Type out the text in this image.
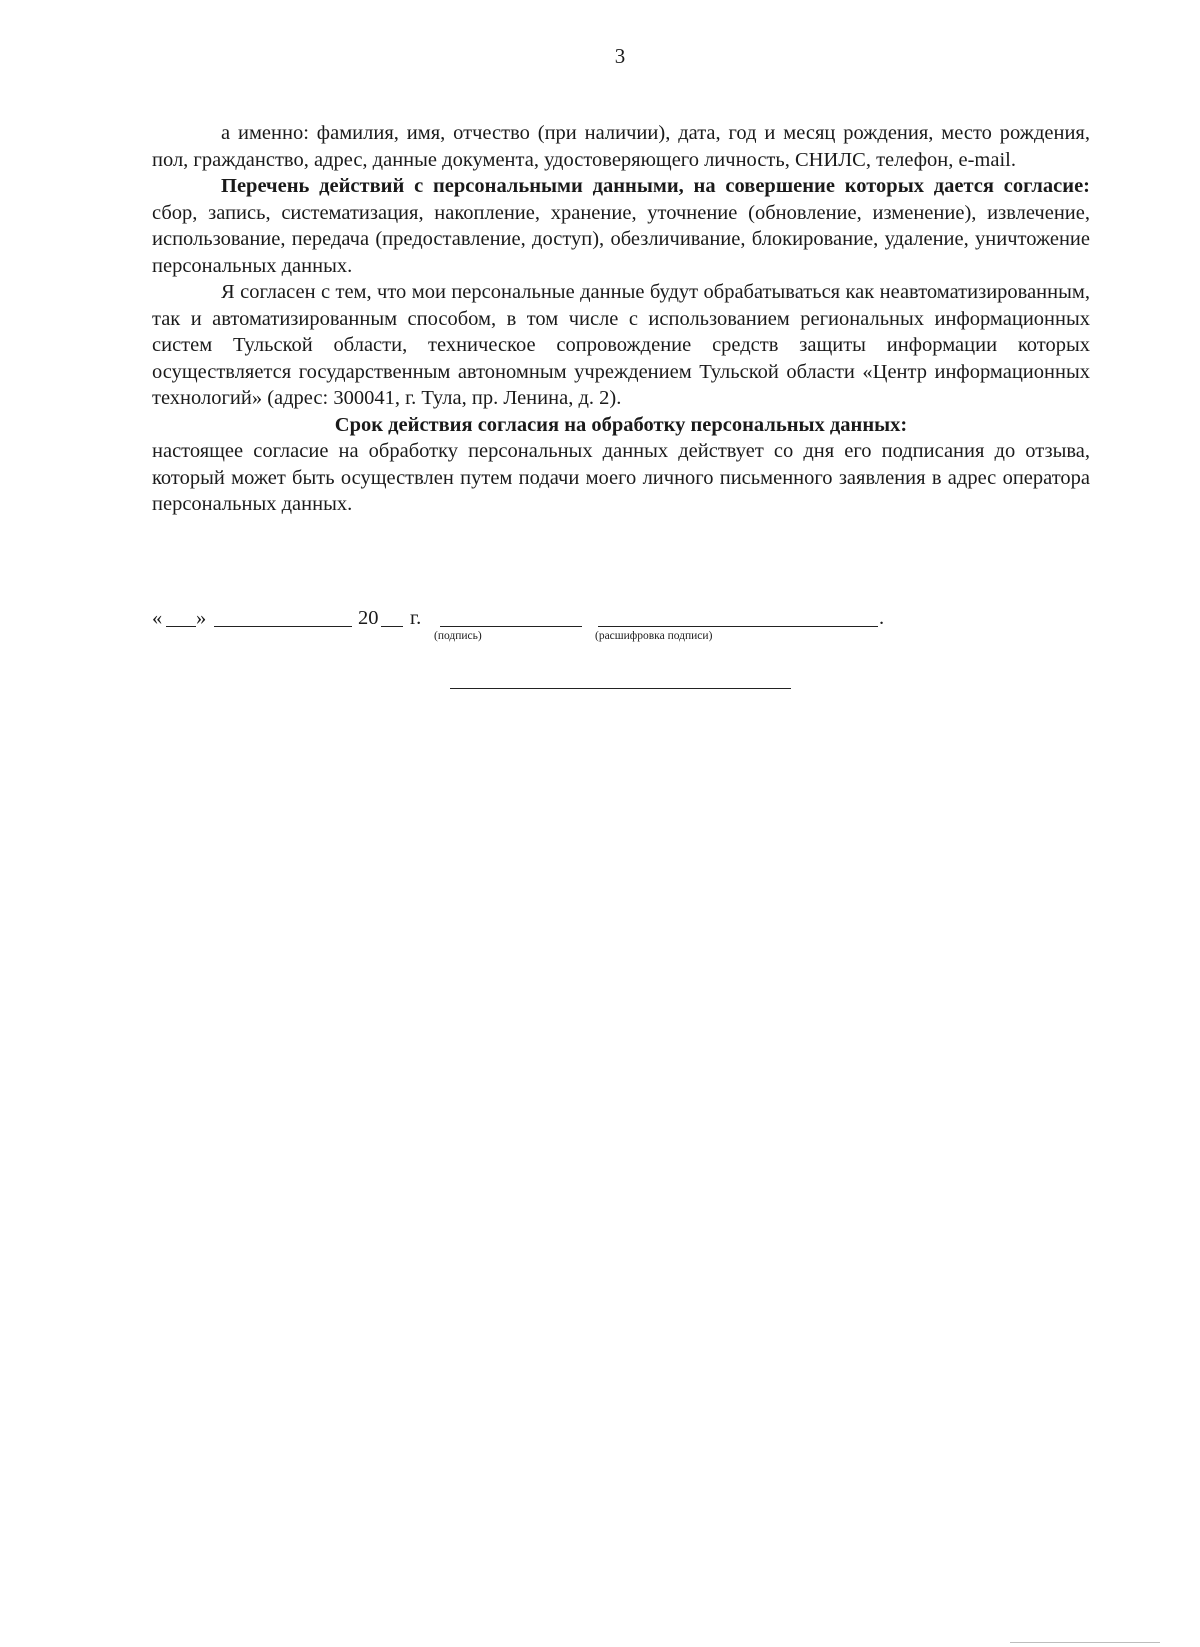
3

а именно: фамилия, имя, отчество (при наличии), дата, год и месяц рождения, место рождения, пол, гражданство, адрес, данные документа, удостоверяющего личность, СНИЛС, телефон, e-mail.

Перечень действий с персональными данными, на совершение которых дается согласие: сбор, запись, систематизация, накопление, хранение, уточнение (обновление, изменение), извлечение, использование, передача (предоставление, доступ), обезличивание, блокирование, удаление, уничтожение персональных данных.

Я согласен с тем, что мои персональные данные будут обрабатываться как неавтоматизированным, так и автоматизированным способом, в том числе с использованием региональных информационных систем Тульской области, техническое сопровождение средств защиты информации которых осуществляется государственным автономным учреждением Тульской области «Центр информационных технологий» (адрес: 300041, г. Тула, пр. Ленина, д. 2).

Срок действия согласия на обработку персональных данных:

настоящее согласие на обработку персональных данных действует со дня его подписания до отзыва, который может быть осуществлен путем подачи моего личного письменного заявления в адрес оператора персональных данных.

« »	20 г.	.
(подпись)	(расшифровка подписи)
